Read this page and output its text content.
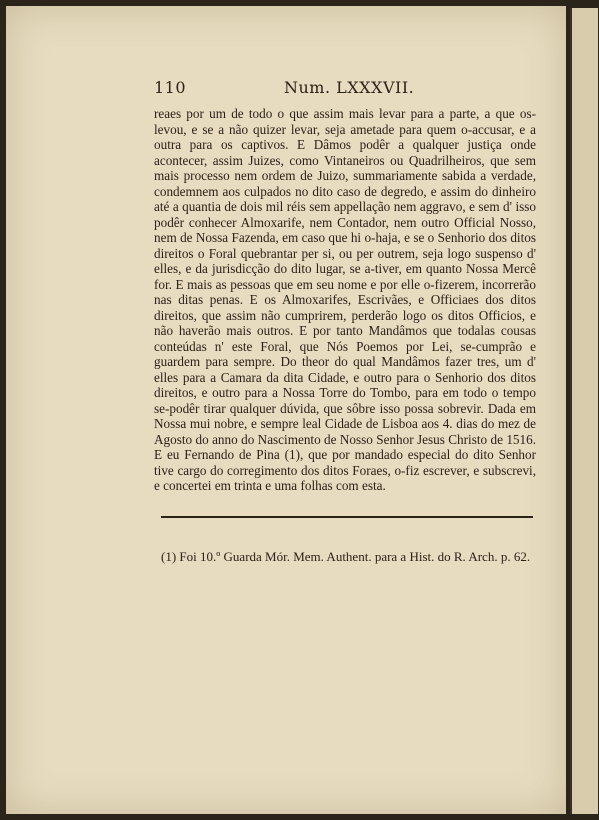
110	Num. LXXXVII.

reaes por um de todo o que assim mais levar para a parte, a que os-levou, e se a não quizer levar, seja ametade para quem o-accusar, e a outra para os captivos. E Dâmos podêr a qualquer justiça onde acontecer, assim Juizes, como Vintaneiros ou Quadrilheiros, que sem mais processo nem ordem de Juizo, summariamente sabida a verdade, condemnem aos culpados no dito caso de degredo, e assim do dinheiro até a quantia de dois mil réis sem appellação nem aggravo, e sem d' isso podêr conhecer Almoxarife, nem Contador, nem outro Official Nosso, nem de Nossa Fazenda, em caso que hi o-haja, e se o Senhorio dos ditos direitos o Foral quebrantar per si, ou per outrem, seja logo suspenso d' elles, e da jurisdicção do dito lugar, se a-tiver, em quanto Nossa Mercê for. E mais as pessoas que em seu nome e por elle o-fizerem, incorrerão nas ditas penas. E os Almoxarifes, Escrivães, e Officiaes dos ditos direitos, que assim não cumprirem, perderão logo os ditos Officios, e não haverão mais outros. E por tanto Mandâmos que todalas cousas conteúdas n' este Foral, que Nós Poemos por Lei, se-cumprão e guardem para sempre. Do theor do qual Mandâmos fazer tres, um d' elles para a Camara da dita Cidade, e outro para o Senhorio dos ditos direitos, e outro para a Nossa Torre do Tombo, para em todo o tempo se-podêr tirar qualquer dúvida, que sôbre isso possa sobrevir. Dada em Nossa mui nobre, e sempre leal Cidade de Lisboa aos 4. dias do mez de Agosto do anno do Nascimento de Nosso Senhor Jesus Christo de 1516. E eu Fernando de Pina (1), que por mandado especial do dito Senhor tive cargo do corregimento dos ditos Foraes, o-fiz escrever, e subscrevi, e concertei em trinta e uma folhas com esta.

(1) Foi 10.º Guarda Mór. Mem. Authent. para a Hist. do R. Arch. p. 62.
